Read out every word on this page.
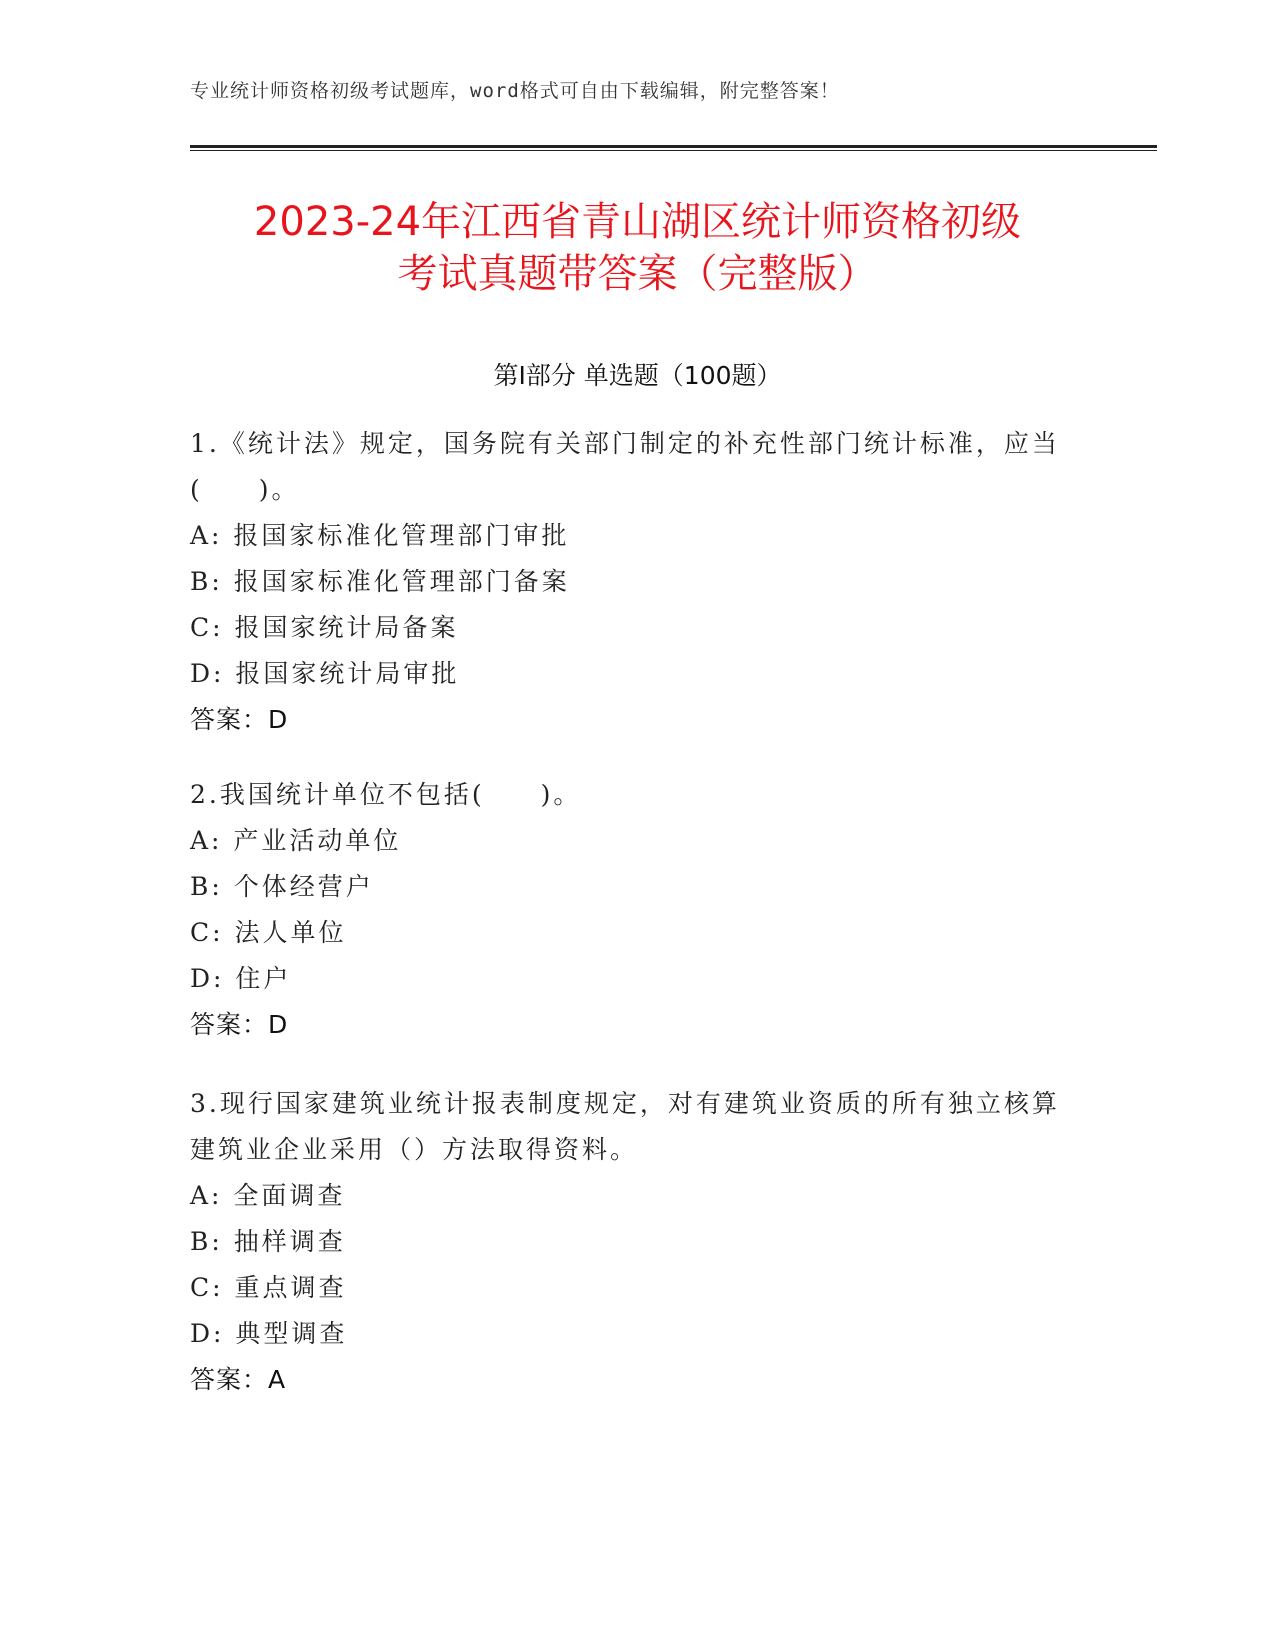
专业统计师资格初级考试题库，word格式可自由下载编辑，附完整答案！
2023-24年江西省青山湖区统计师资格初级
考试真题带答案（完整版）
第Ⅰ部分 单选题（100题）
1.《统计法》规定，国务院有关部门制定的补充性部门统计标准，应当(　　)。
A: 报国家标准化管理部门审批
B: 报国家标准化管理部门备案
C: 报国家统计局备案
D: 报国家统计局审批
答案：D
2.我国统计单位不包括(　　)。
A: 产业活动单位
B: 个体经营户
C: 法人单位
D: 住户
答案：D
3.现行国家建筑业统计报表制度规定，对有建筑业资质的所有独立核算建筑业企业采用（）方法取得资料。
A: 全面调查
B: 抽样调查
C: 重点调查
D: 典型调查
答案：A
